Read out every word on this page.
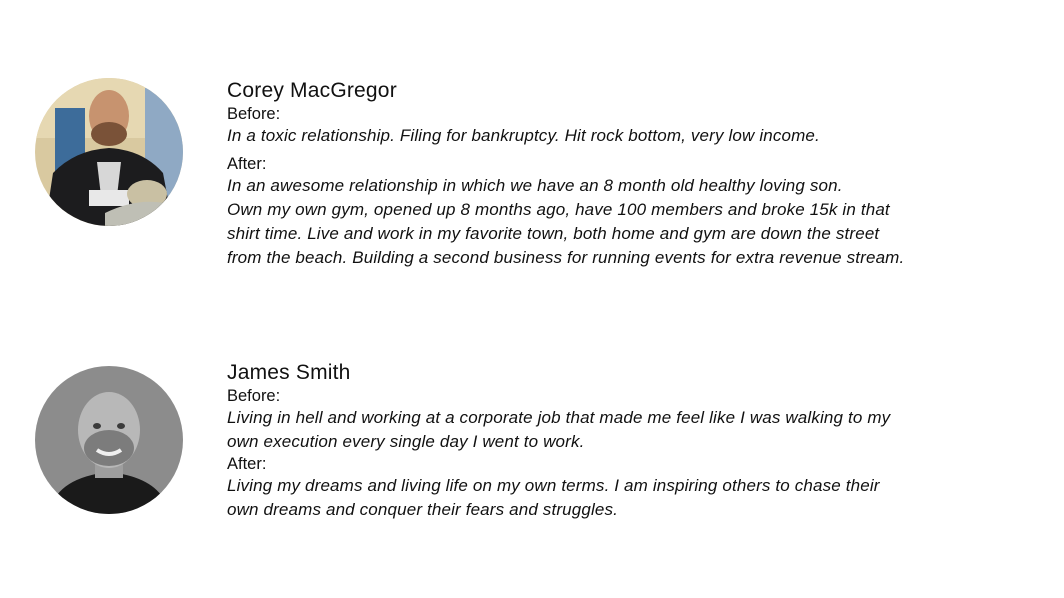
Corey MacGregor

Before:

In a toxic relationship. Filing for bankruptcy. Hit rock bottom, very low income.

After:

In an awesome relationship in which we have an 8 month old healthy loving son.

Own my own gym, opened up 8 months ago, have 100 members and broke 15k in that

shirt time. Live and work in my favorite town, both home and gym are down the street

from the beach. Building a second business for running events for extra revenue stream.

James Smith

Before:

Living in hell and working at a corporate job that made me feel like I was walking to my

own execution every single day I went to work.

After:

Living my dreams and living life on my own terms. I am inspiring others to chase their

own dreams and conquer their fears and struggles.
